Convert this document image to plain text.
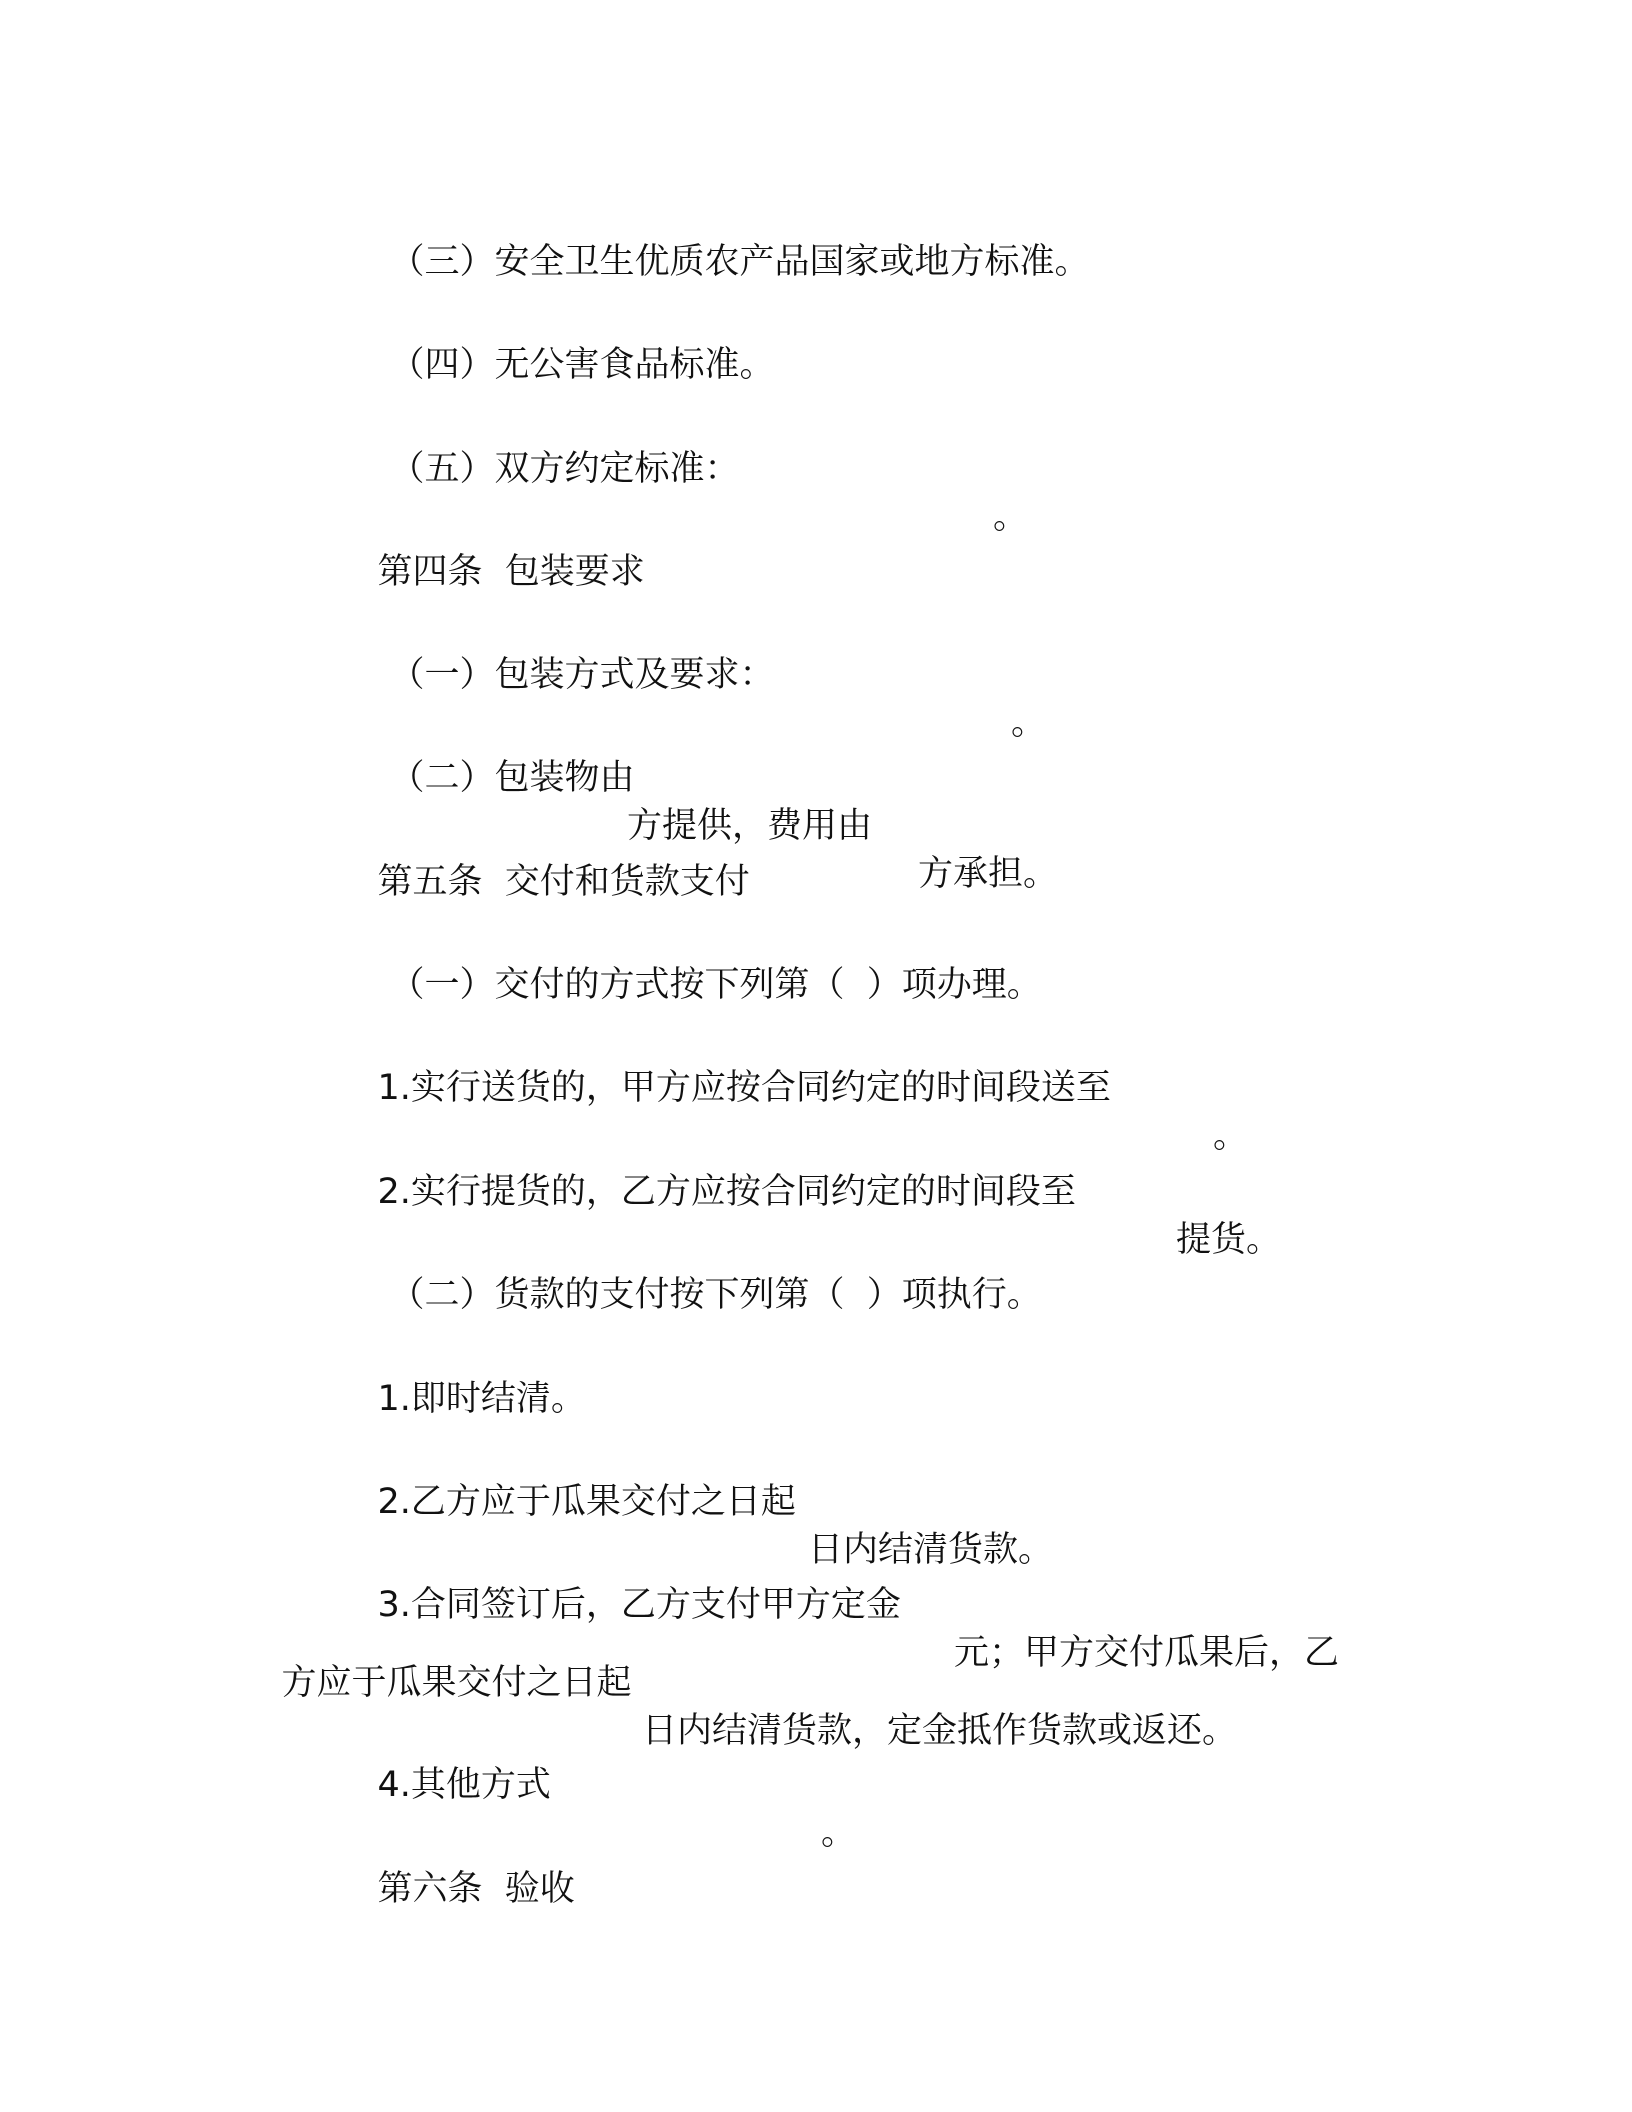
（三）安全卫生优质农产品国家或地方标准。

（四）无公害食品标准。

（五）双方约定标准：

。

第四条  包装要求

（一）包装方式及要求：

。

（二）包装物由

方提供，费用由

方承担。

第五条  交付和货款支付

（一）交付的方式按下列第（  ）项办理。

1.实行送货的，甲方应按合同约定的时间段送至

。

2.实行提货的，乙方应按合同约定的时间段至

提货。

（二）货款的支付按下列第（  ）项执行。

1.即时结清。

2.乙方应于瓜果交付之日起

日内结清货款。

3.合同签订后，乙方支付甲方定金

元；甲方交付瓜果后，乙

方应于瓜果交付之日起

日内结清货款，定金抵作货款或返还。

4.其他方式

。

第六条  验收
